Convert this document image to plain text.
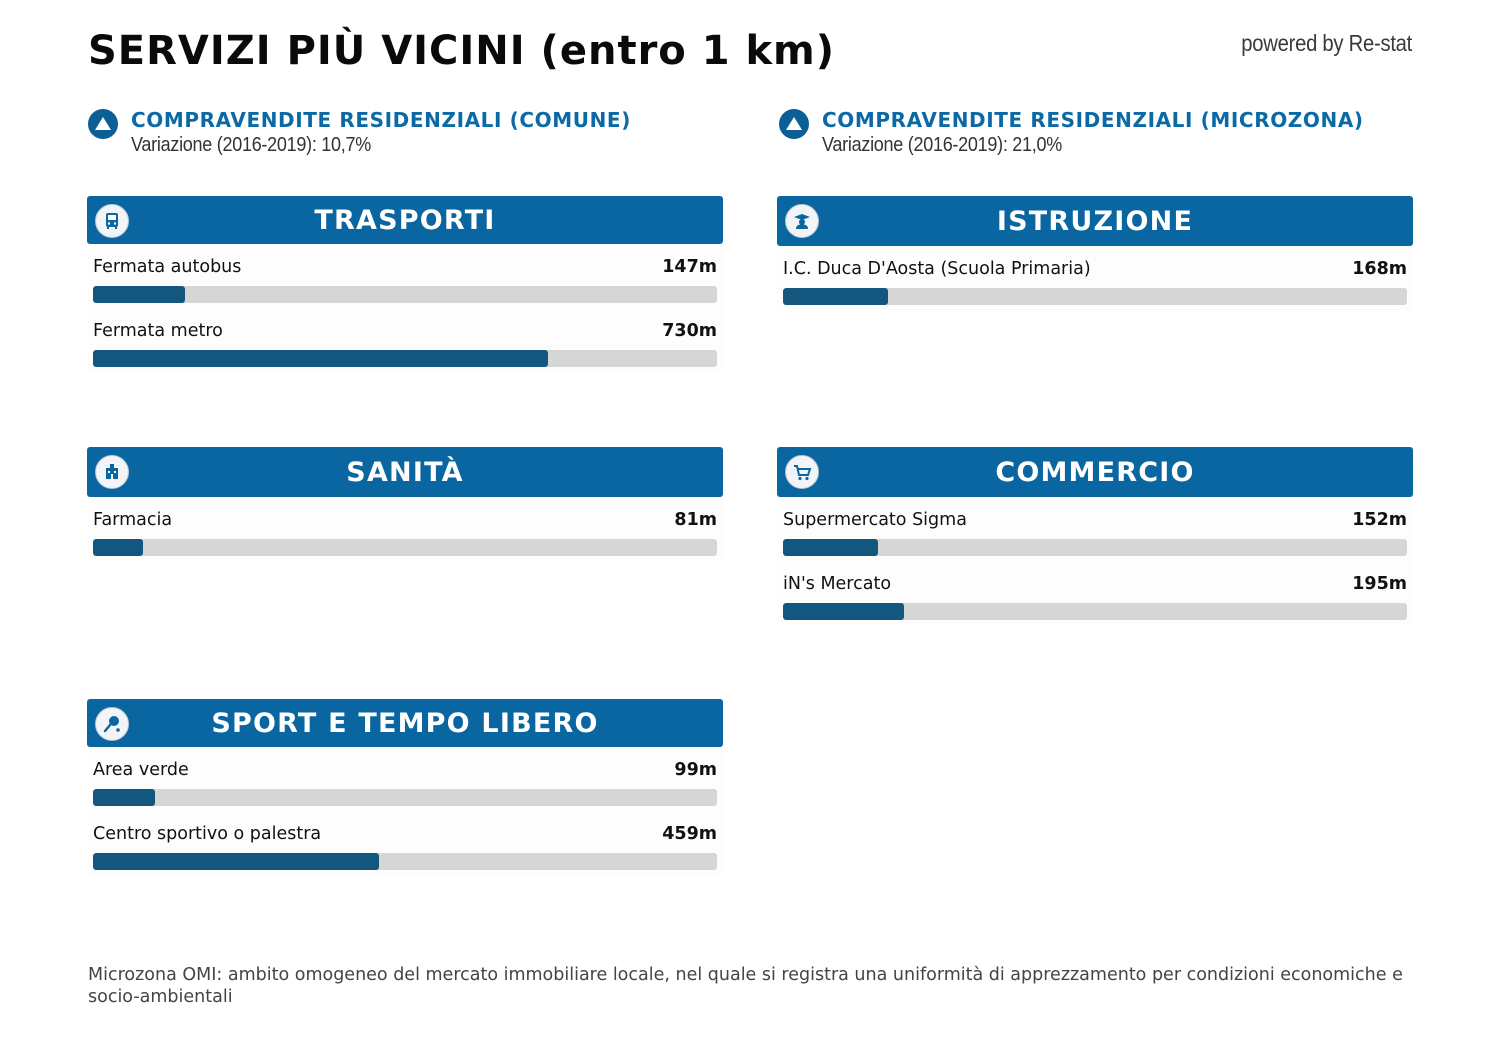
SERVIZI PIÙ VICINI (entro 1 km)	powered by Re-stat
COMPRAVENDITE RESIDENZIALI (COMUNE)
Variazione (2016-2019): 10,7%
COMPRAVENDITE RESIDENZIALI (MICROZONA)
Variazione (2016-2019): 21,0%
TRASPORTI
Fermata autobus	147m
Fermata metro	730m
ISTRUZIONE
I.C. Duca D'Aosta (Scuola Primaria)	168m
SANITÀ
Farmacia	81m
COMMERCIO
Supermercato Sigma	152m
iN's Mercato	195m
SPORT E TEMPO LIBERO
Area verde	99m
Centro sportivo o palestra	459m
Microzona OMI: ambito omogeneo del mercato immobiliare locale, nel quale si registra una uniformità di apprezzamento per condizioni economiche e socio-ambientali
